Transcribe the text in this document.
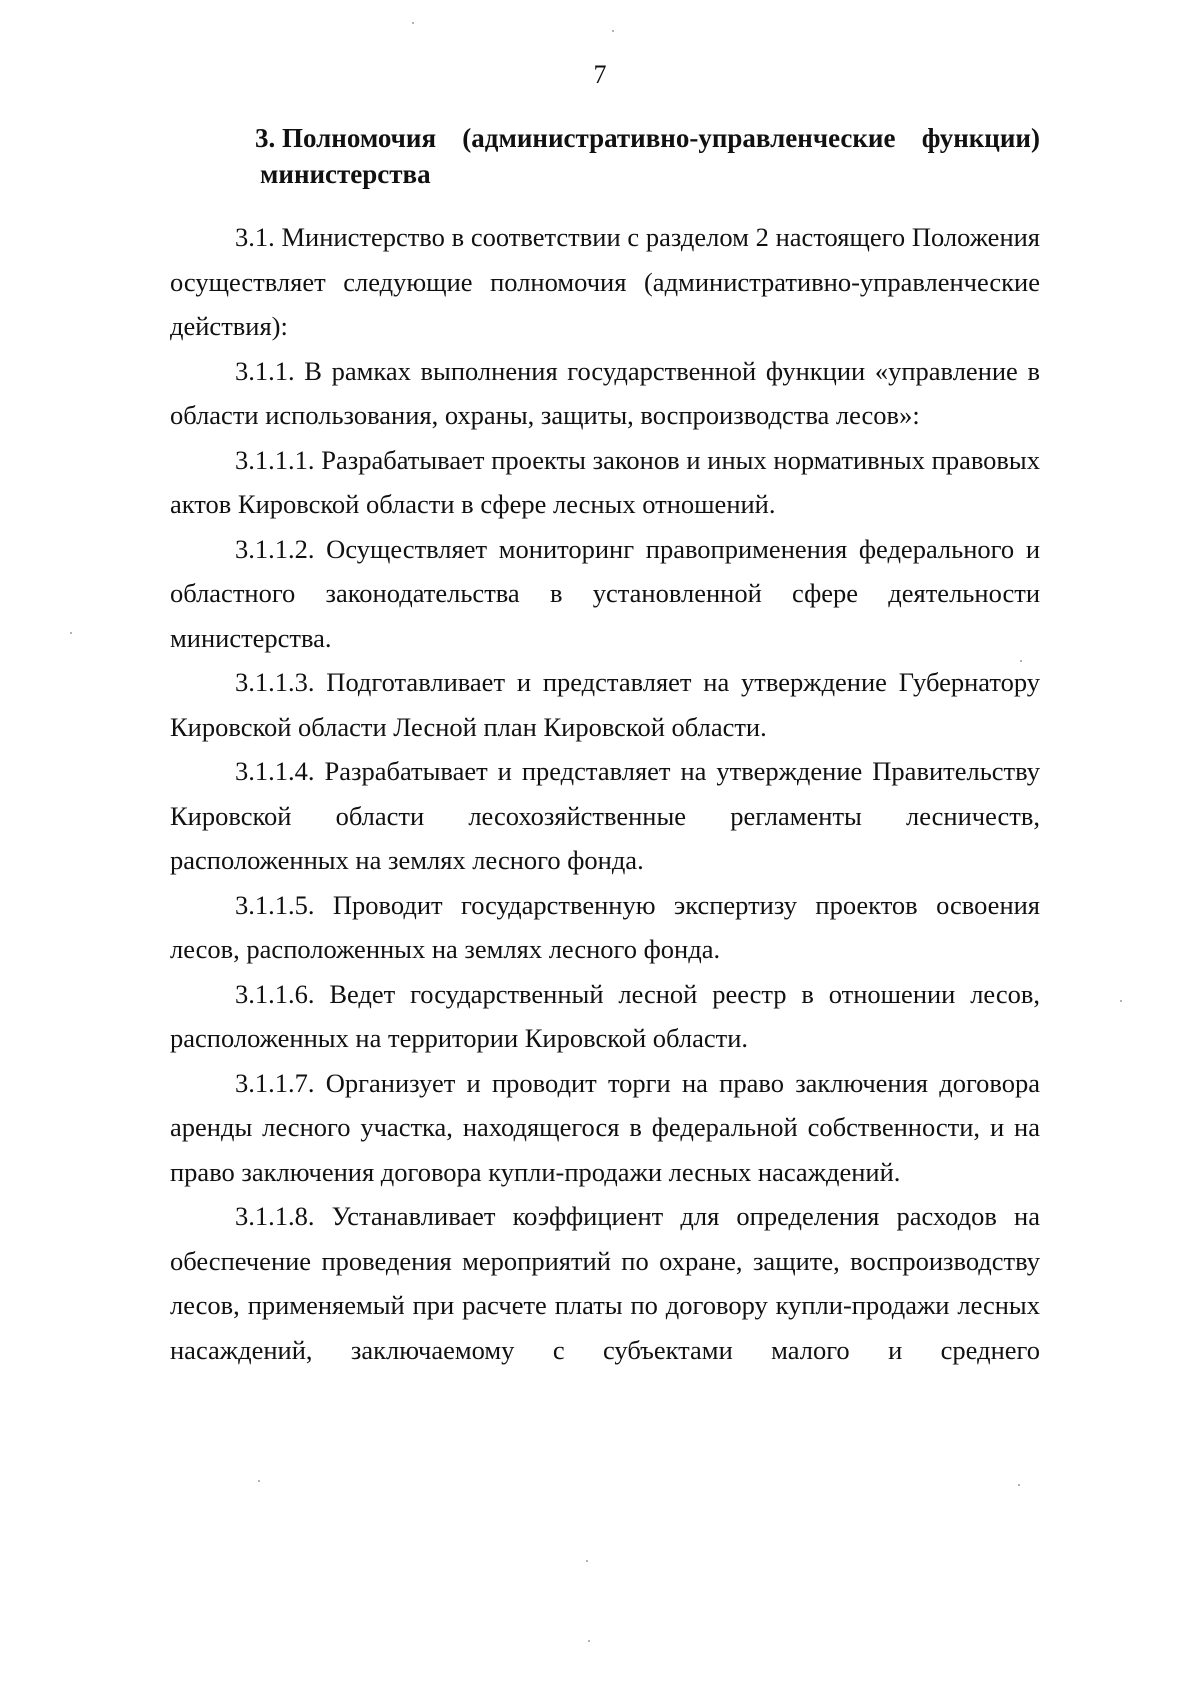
7
3. Полномочия (административно-управленческие функции)
министерства

3.1. Министерство в соответствии с разделом 2 настоящего Положения осуществляет следующие полномочия (административно-управленческие действия):

3.1.1. В рамках выполнения государственной функции «управление в области использования, охраны, защиты, воспроизводства лесов»:

3.1.1.1. Разрабатывает проекты законов и иных нормативных правовых актов Кировской области в сфере лесных отношений.

3.1.1.2. Осуществляет мониторинг правоприменения федерального и областного законодательства в установленной сфере деятельности министерства.

3.1.1.3. Подготавливает и представляет на утверждение Губернатору Кировской области Лесной план Кировской области.

3.1.1.4. Разрабатывает и представляет на утверждение Правительству Кировской области лесохозяйственные регламенты лесничеств, расположенных на землях лесного фонда.

3.1.1.5. Проводит государственную экспертизу проектов освоения лесов, расположенных на землях лесного фонда.

3.1.1.6. Ведет государственный лесной реестр в отношении лесов, расположенных на территории Кировской области.

3.1.1.7. Организует и проводит торги на право заключения договора аренды лесного участка, находящегося в федеральной собственности, и на право заключения договора купли-продажи лесных насаждений.

3.1.1.8. Устанавливает коэффициент для определения расходов на обеспечение проведения мероприятий по охране, защите, воспроизводству лесов, применяемый при расчете платы по договору купли-продажи лесных насаждений, заключаемому с субъектами малого и среднего
